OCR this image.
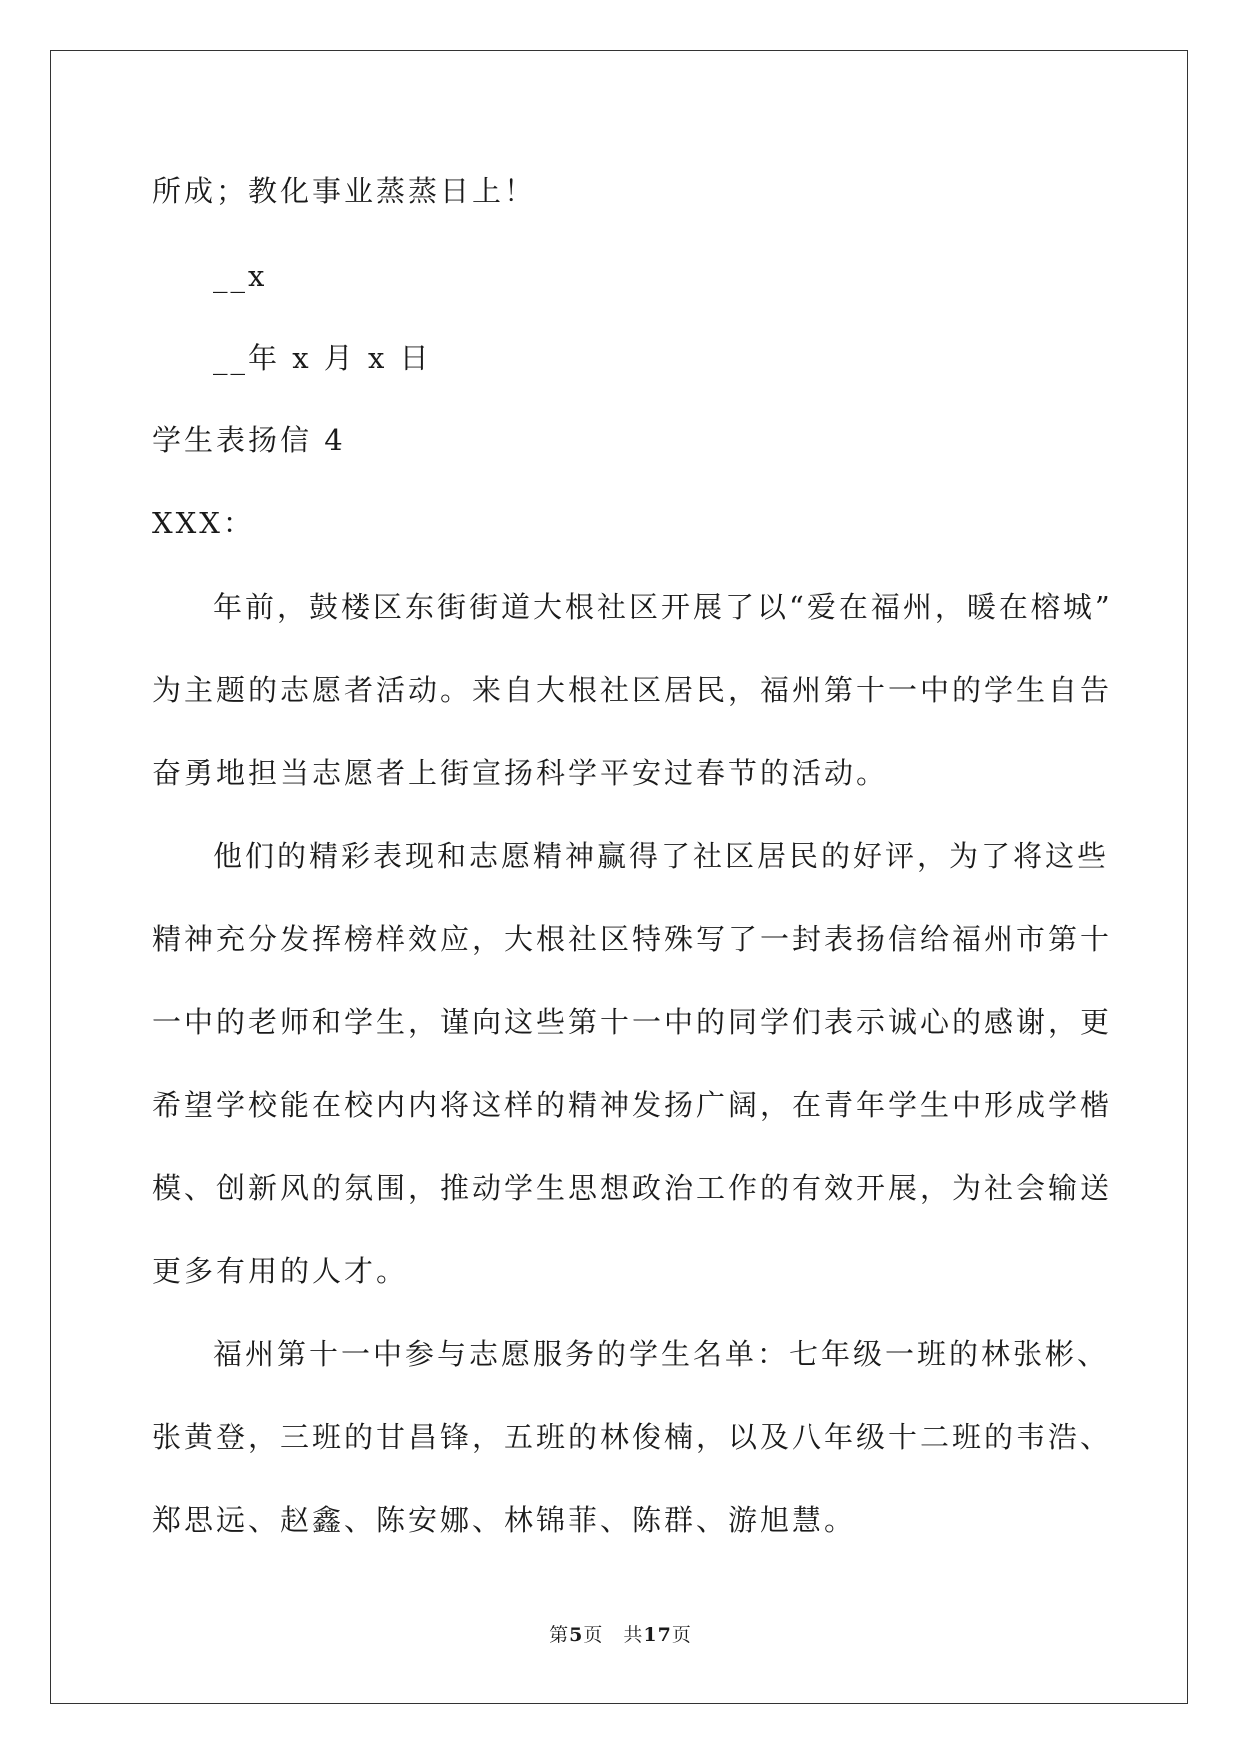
所成；教化事业蒸蒸日上！
__x
__年 x 月 x 日
学生表扬信 4
XXX：
年前，鼓楼区东街街道大根社区开展了以“爱在福州，暖在榕城”
为主题的志愿者活动。来自大根社区居民，福州第十一中的学生自告
奋勇地担当志愿者上街宣扬科学平安过春节的活动。
他们的精彩表现和志愿精神赢得了社区居民的好评，为了将这些
精神充分发挥榜样效应，大根社区特殊写了一封表扬信给福州市第十
一中的老师和学生，谨向这些第十一中的同学们表示诚心的感谢，更
希望学校能在校内内将这样的精神发扬广阔，在青年学生中形成学楷
模、创新风的氛围，推动学生思想政治工作的有效开展，为社会输送
更多有用的人才。
福州第十一中参与志愿服务的学生名单：七年级一班的林张彬、
张黄登，三班的甘昌锋，五班的林俊楠，以及八年级十二班的韦浩、
郑思远、赵鑫、陈安娜、林锦菲、陈群、游旭慧。
第5页 共17页
